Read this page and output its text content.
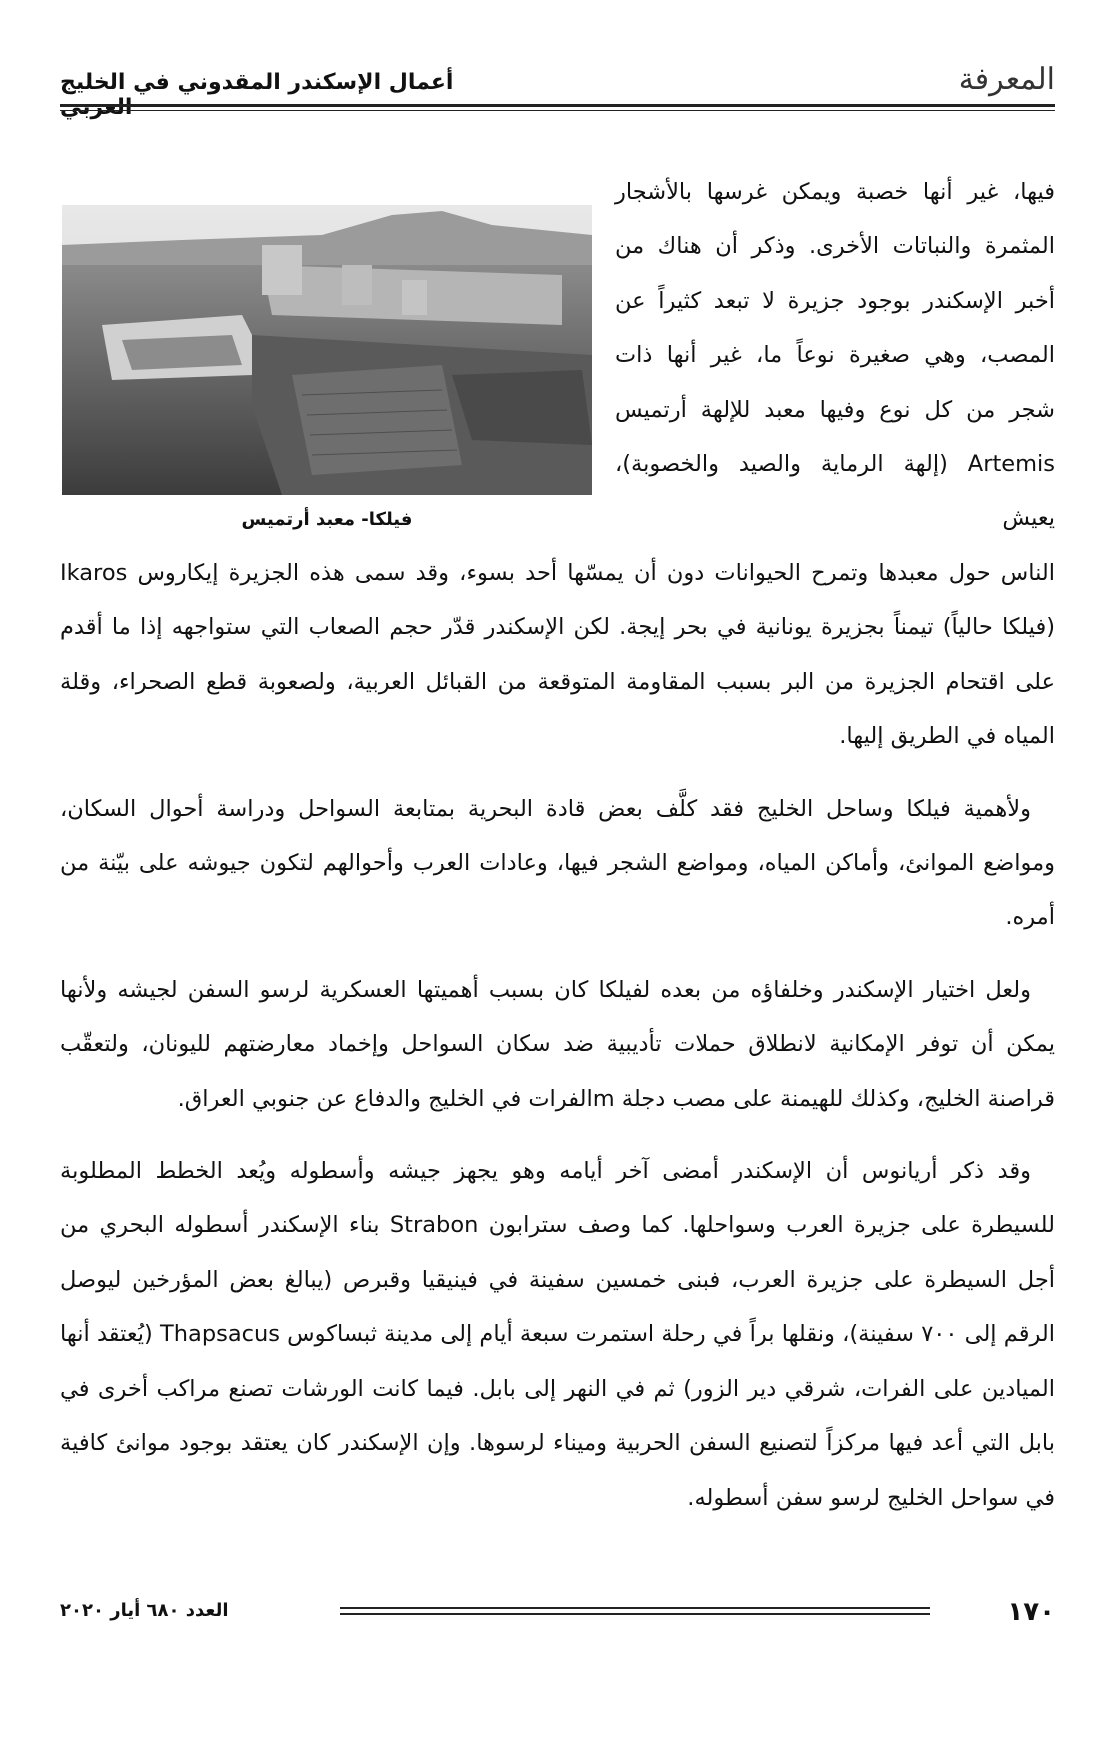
المعرفة
أعمال الإسكندر المقدوني في الخليج العربي
فيلكا- معبد أرتميس

فيها، غير أنها خصبة ويمكن غرسها بالأشجار المثمرة والنباتات الأخرى. وذكر أن هناك من أخبر الإسكندر بوجود جزيرة لا تبعد كثيراً عن المصب، وهي صغيرة نوعاً ما، غير أنها ذات شجر من كل نوع وفيها معبد للإلهة أرتميس Artemis (إلهة الرماية والصيد والخصوبة)، يعيش

الناس حول معبدها وتمرح الحيوانات دون أن يمسّها أحد بسوء، وقد سمى هذه الجزيرة إيكاروس Ikaros (فيلكا حالياً) تيمناً بجزيرة يونانية في بحر إيجة. لكن الإسكندر قدّر حجم الصعاب التي ستواجهه إذا ما أقدم على اقتحام الجزيرة من البر بسبب المقاومة المتوقعة من القبائل العربية، ولصعوبة قطع الصحراء، وقلة المياه في الطريق إليها.

ولأهمية فيلكا وساحل الخليج فقد كلَّف بعض قادة البحرية بمتابعة السواحل ودراسة أحوال السكان، ومواضع الموانئ، وأماكن المياه، ومواضع الشجر فيها، وعادات العرب وأحوالهم لتكون جيوشه على بيّنة من أمره.

ولعل اختيار الإسكندر وخلفاؤه من بعده لفيلكا كان بسبب أهميتها العسكرية لرسو السفن لجيشه ولأنها يمكن أن توفر الإمكانية لانطلاق حملات تأديبية ضد سكان السواحل وإخماد معارضتهم لليونان، ولتعقّب قراصنة الخليج، وكذلك للهيمنة على مصب دجلة mالفرات في الخليج والدفاع عن جنوبي العراق.

وقد ذكر أريانوس أن الإسكندر أمضى آخر أيامه وهو يجهز جيشه وأسطوله ويُعد الخطط المطلوبة للسيطرة على جزيرة العرب وسواحلها. كما وصف سترابون Strabon بناء الإسكندر أسطوله البحري من أجل السيطرة على جزيرة العرب، فبنى خمسين سفينة في فينيقيا وقبرص (يبالغ بعض المؤرخين ليوصل الرقم إلى ٧٠٠ سفينة)، ونقلها براً في رحلة استمرت سبعة أيام إلى مدينة ثبساكوس Thapsacus (يُعتقد أنها الميادين على الفرات، شرقي دير الزور) ثم في النهر إلى بابل. فيما كانت الورشات تصنع مراكب أخرى في بابل التي أعد فيها مركزاً لتصنيع السفن الحربية وميناء لرسوها. وإن الإسكندر كان يعتقد بوجود موانئ كافية في سواحل الخليج لرسو سفن أسطوله.

١٧٠
العدد ٦٨٠ أيار ٢٠٢٠
